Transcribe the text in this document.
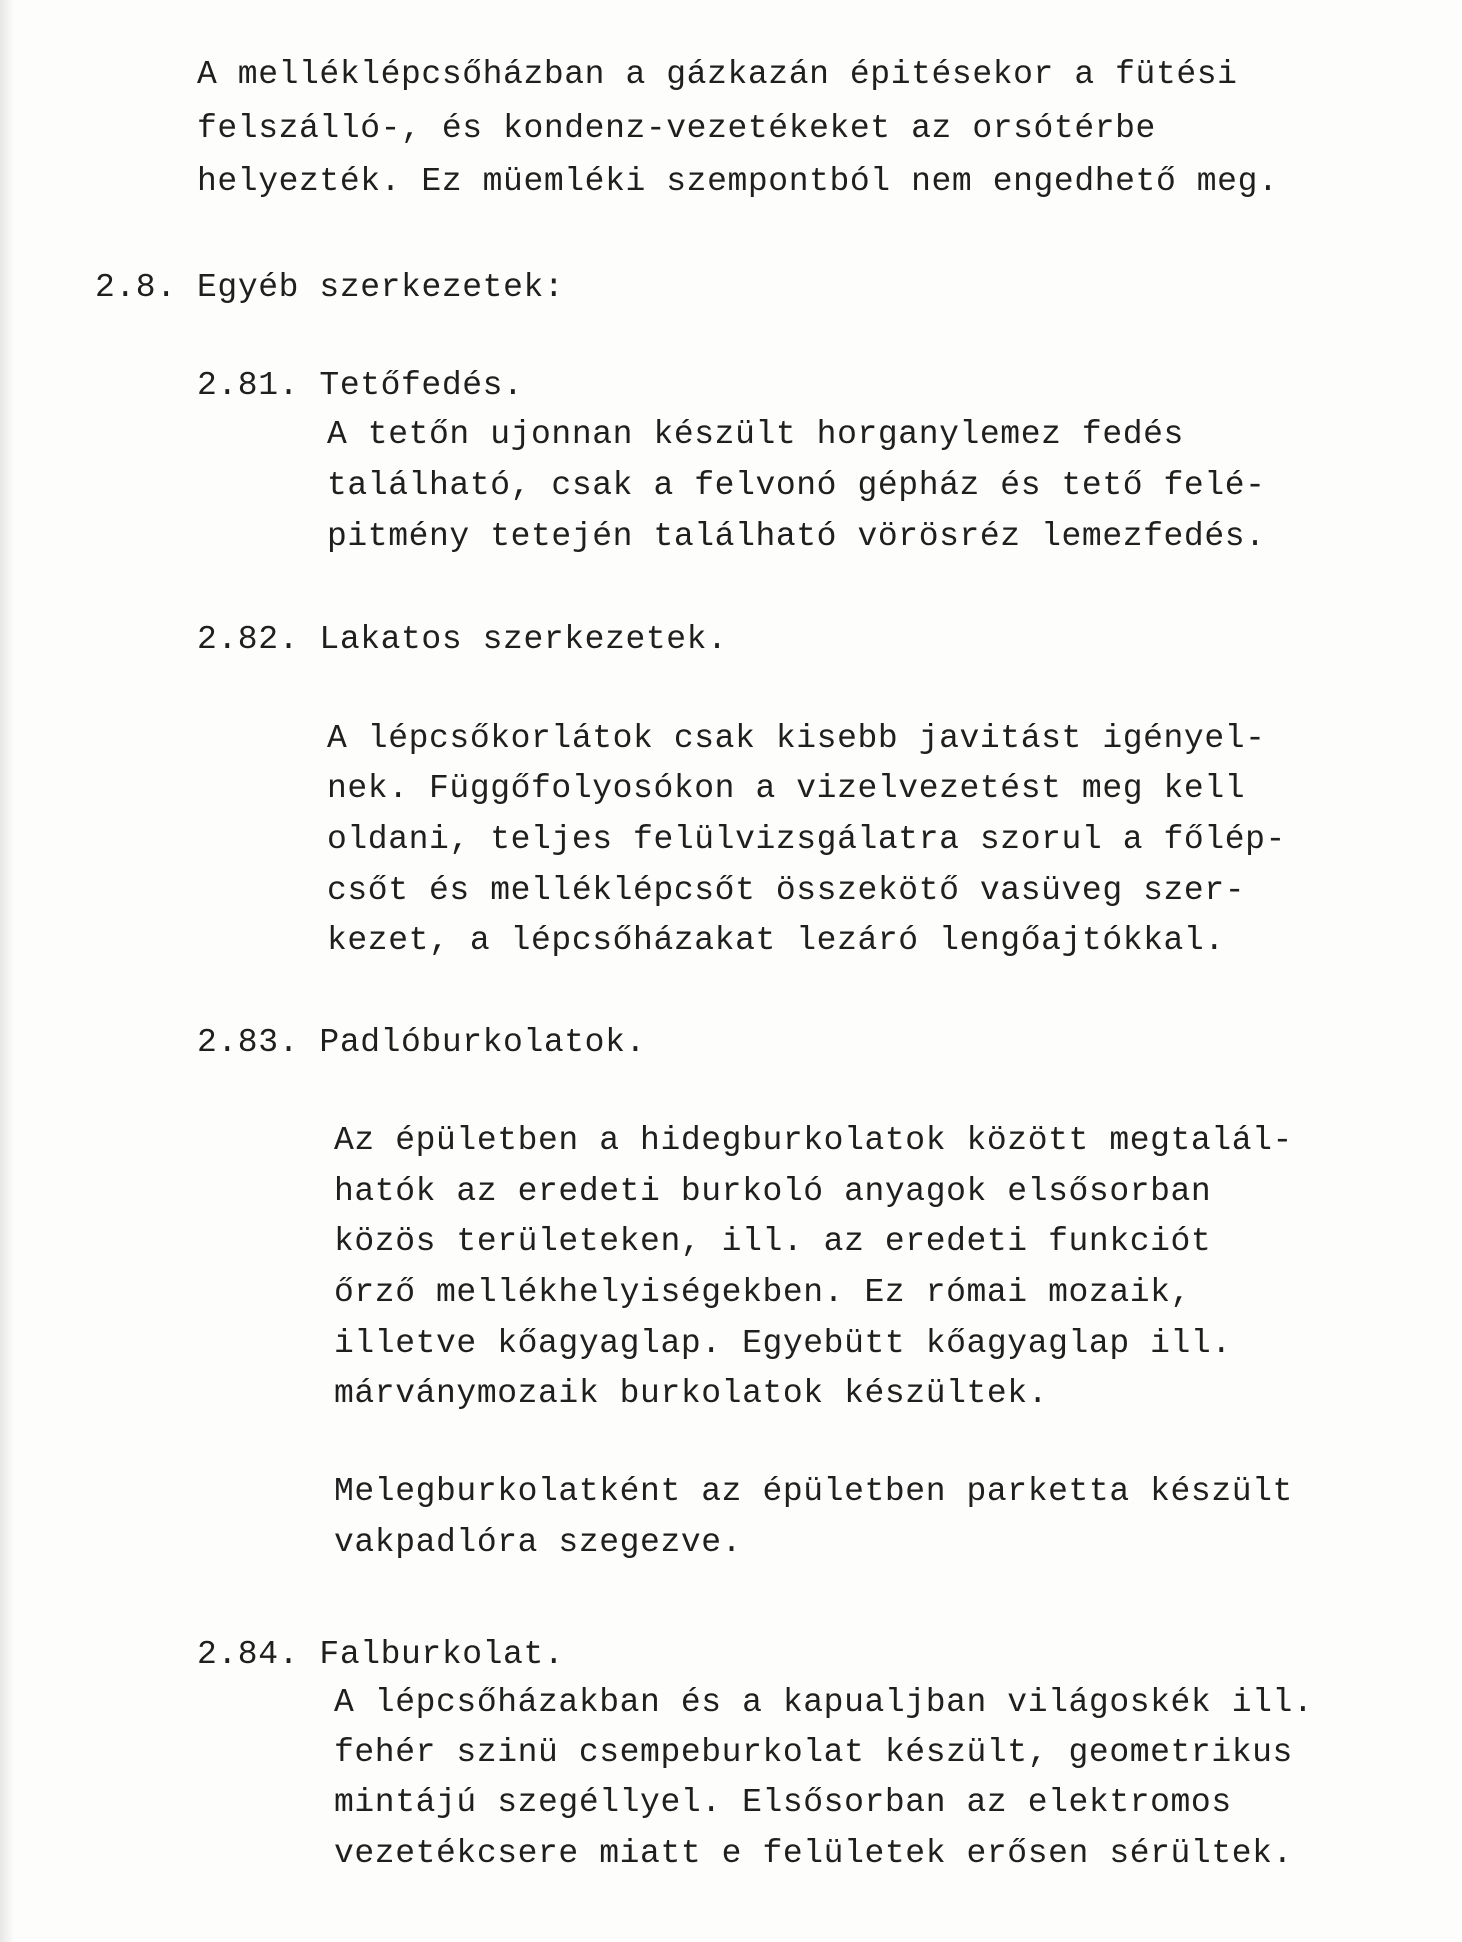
A melléklépcsőházban a gázkazán épitésekor a fütési
felszálló-, és kondenz-vezetékeket az orsótérbe
helyezték. Ez müemléki szempontból nem engedhető meg.
2.8. Egyéb szerkezetek:
2.81. Tetőfedés.
A tetőn ujonnan készült horganylemez fedés
található, csak a felvonó gépház és tető felé-
pitmény tetején található vörösréz lemezfedés.
2.82. Lakatos szerkezetek.
A lépcsőkorlátok csak kisebb javitást igényel-
nek. Függőfolyosókon a vizelvezetést meg kell
oldani, teljes felülvizsgálatra szorul a főlép-
csőt és melléklépcsőt összekötő vasüveg szer-
kezet, a lépcsőházakat lezáró lengőajtókkal.
2.83. Padlóburkolatok.
Az épületben a hidegburkolatok között megtalál-
hatók az eredeti burkoló anyagok elsősorban
közös területeken, ill. az eredeti funkciót
őrző mellékhelyiségekben. Ez római mozaik,
illetve kőagyaglap. Egyebütt kőagyaglap ill.
márványmozaik burkolatok készültek.
Melegburkolatként az épületben parketta készült
vakpadlóra szegezve.
2.84. Falburkolat.
A lépcsőházakban és a kapualjban világoskék ill.
fehér szinü csempeburkolat készült, geometrikus
mintájú szegéllyel. Elsősorban az elektromos
vezetékcsere miatt e felületek erősen sérültek.
